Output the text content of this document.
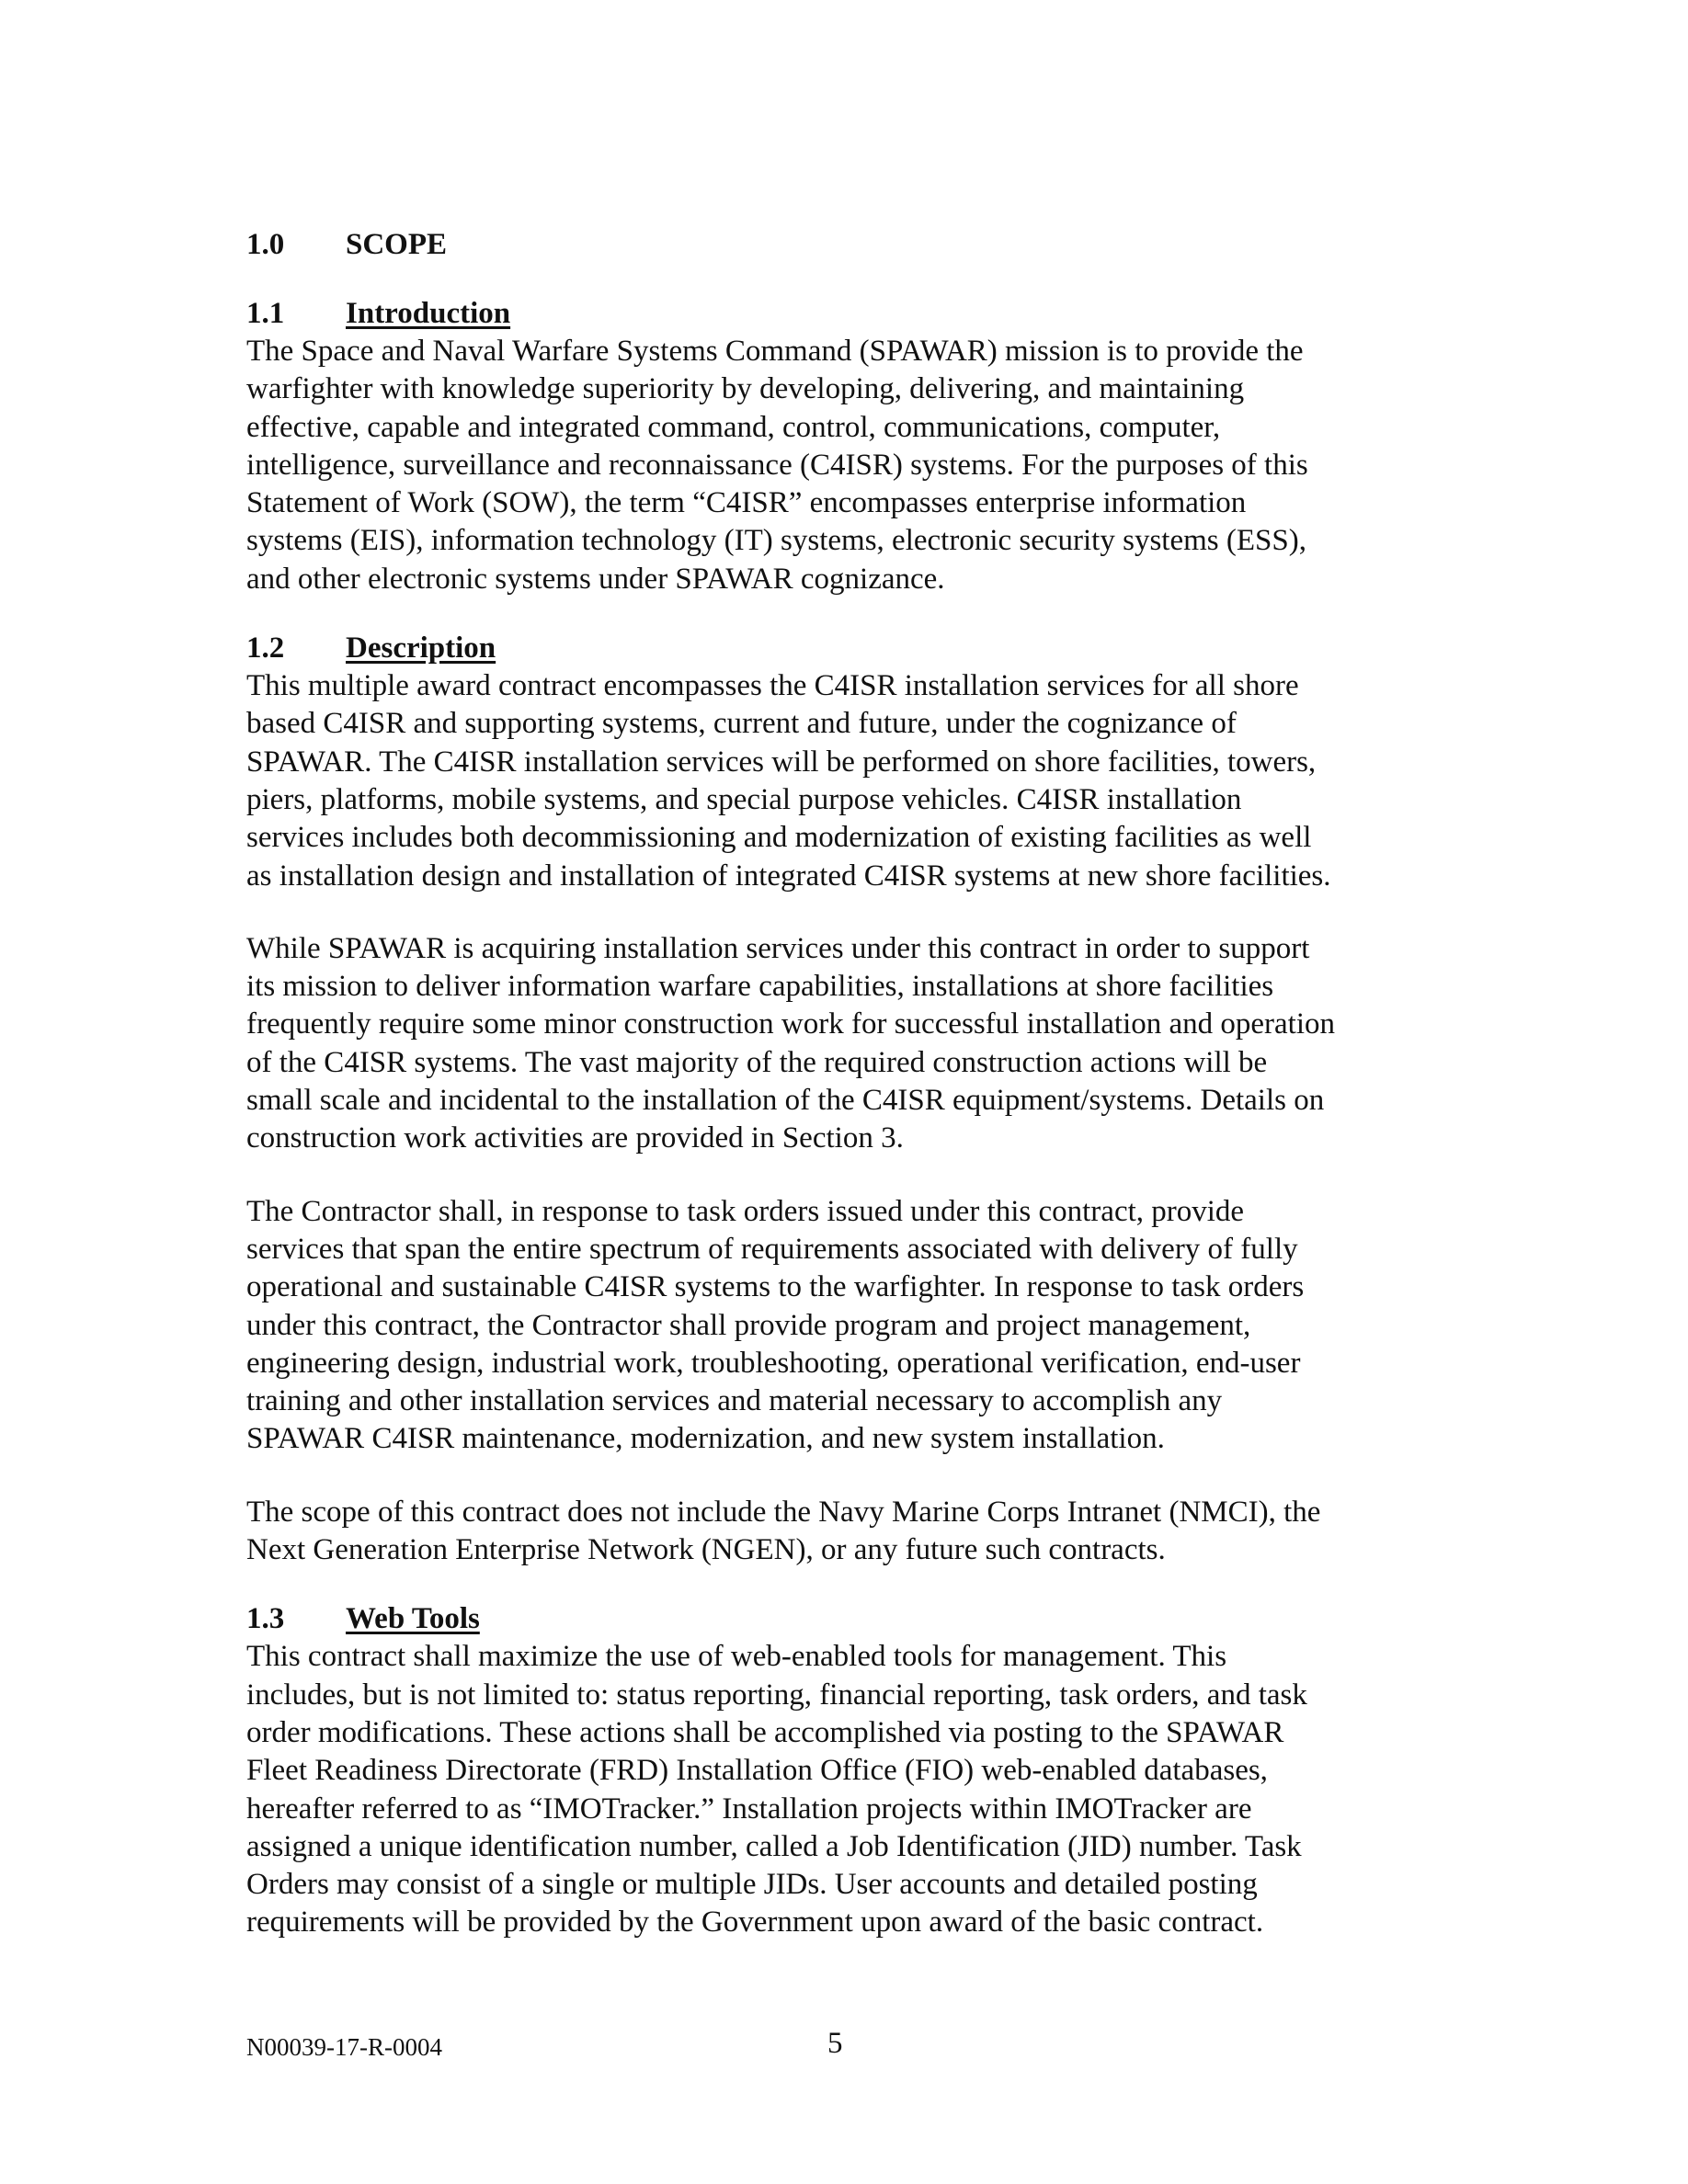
1.0 SCOPE
1.1 Introduction

The Space and Naval Warfare Systems Command (SPAWAR) mission is to provide the
warfighter with knowledge superiority by developing, delivering, and maintaining
effective, capable and integrated command, control, communications, computer,
intelligence, surveillance and reconnaissance (C4ISR) systems. For the purposes of this
Statement of Work (SOW), the term “C4ISR” encompasses enterprise information
systems (EIS), information technology (IT) systems, electronic security systems (ESS),
and other electronic systems under SPAWAR cognizance.

1.2 Description

This multiple award contract encompasses the C4ISR installation services for all shore
based C4ISR and supporting systems, current and future, under the cognizance of
SPAWAR. The C4ISR installation services will be performed on shore facilities, towers,
piers, platforms, mobile systems, and special purpose vehicles. C4ISR installation
services includes both decommissioning and modernization of existing facilities as well
as installation design and installation of integrated C4ISR systems at new shore facilities.

While SPAWAR is acquiring installation services under this contract in order to support
its mission to deliver information warfare capabilities, installations at shore facilities
frequently require some minor construction work for successful installation and operation
of the C4ISR systems. The vast majority of the required construction actions will be
small scale and incidental to the installation of the C4ISR equipment/systems. Details on
construction work activities are provided in Section 3.

The Contractor shall, in response to task orders issued under this contract, provide
services that span the entire spectrum of requirements associated with delivery of fully
operational and sustainable C4ISR systems to the warfighter. In response to task orders
under this contract, the Contractor shall provide program and project management,
engineering design, industrial work, troubleshooting, operational verification, end-user
training and other installation services and material necessary to accomplish any
SPAWAR C4ISR maintenance, modernization, and new system installation.

The scope of this contract does not include the Navy Marine Corps Intranet (NMCI), the
Next Generation Enterprise Network (NGEN), or any future such contracts.

1.3 Web Tools

This contract shall maximize the use of web-enabled tools for management. This
includes, but is not limited to: status reporting, financial reporting, task orders, and task
order modifications. These actions shall be accomplished via posting to the SPAWAR
Fleet Readiness Directorate (FRD) Installation Office (FIO) web-enabled databases,
hereafter referred to as “IMOTracker.” Installation projects within IMOTracker are
assigned a unique identification number, called a Job Identification (JID) number. Task
Orders may consist of a single or multiple JIDs. User accounts and detailed posting
requirements will be provided by the Government upon award of the basic contract.

N00039-17-R-0004	5
